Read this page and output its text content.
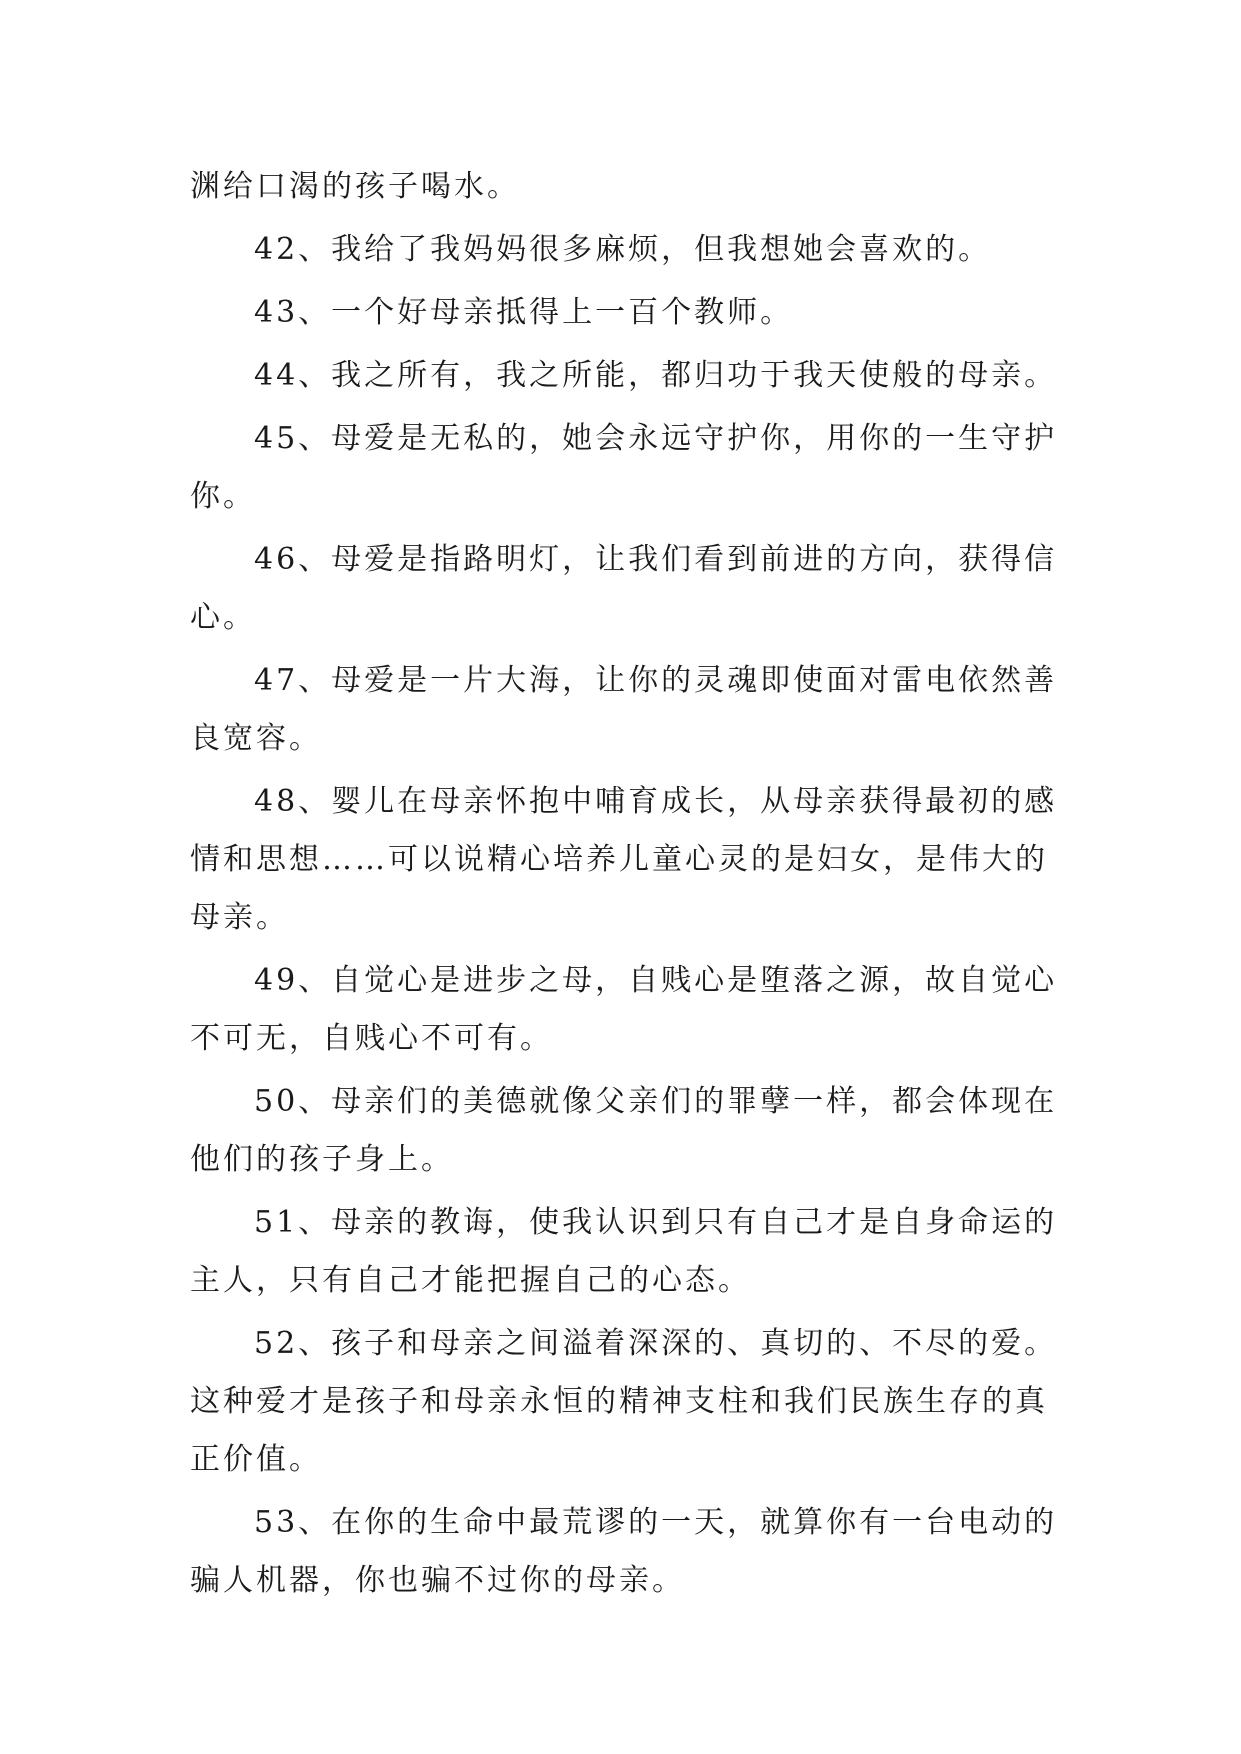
渊给口渴的孩子喝水。

42、我给了我妈妈很多麻烦，但我想她会喜欢的。

43、一个好母亲抵得上一百个教师。

44、我之所有，我之所能，都归功于我天使般的母亲。

45、母爱是无私的，她会永远守护你，用你的一生守护你。

46、母爱是指路明灯，让我们看到前进的方向，获得信心。

47、母爱是一片大海，让你的灵魂即使面对雷电依然善良宽容。

48、婴儿在母亲怀抱中哺育成长，从母亲获得最初的感情和思想……可以说精心培养儿童心灵的是妇女，是伟大的母亲。

49、自觉心是进步之母，自贱心是堕落之源，故自觉心不可无，自贱心不可有。

50、母亲们的美德就像父亲们的罪孽一样，都会体现在他们的孩子身上。

51、母亲的教诲，使我认识到只有自己才是自身命运的主人，只有自己才能把握自己的心态。

52、孩子和母亲之间溢着深深的、真切的、不尽的爱。这种爱才是孩子和母亲永恒的精神支柱和我们民族生存的真正价值。

53、在你的生命中最荒谬的一天，就算你有一台电动的骗人机器，你也骗不过你的母亲。
